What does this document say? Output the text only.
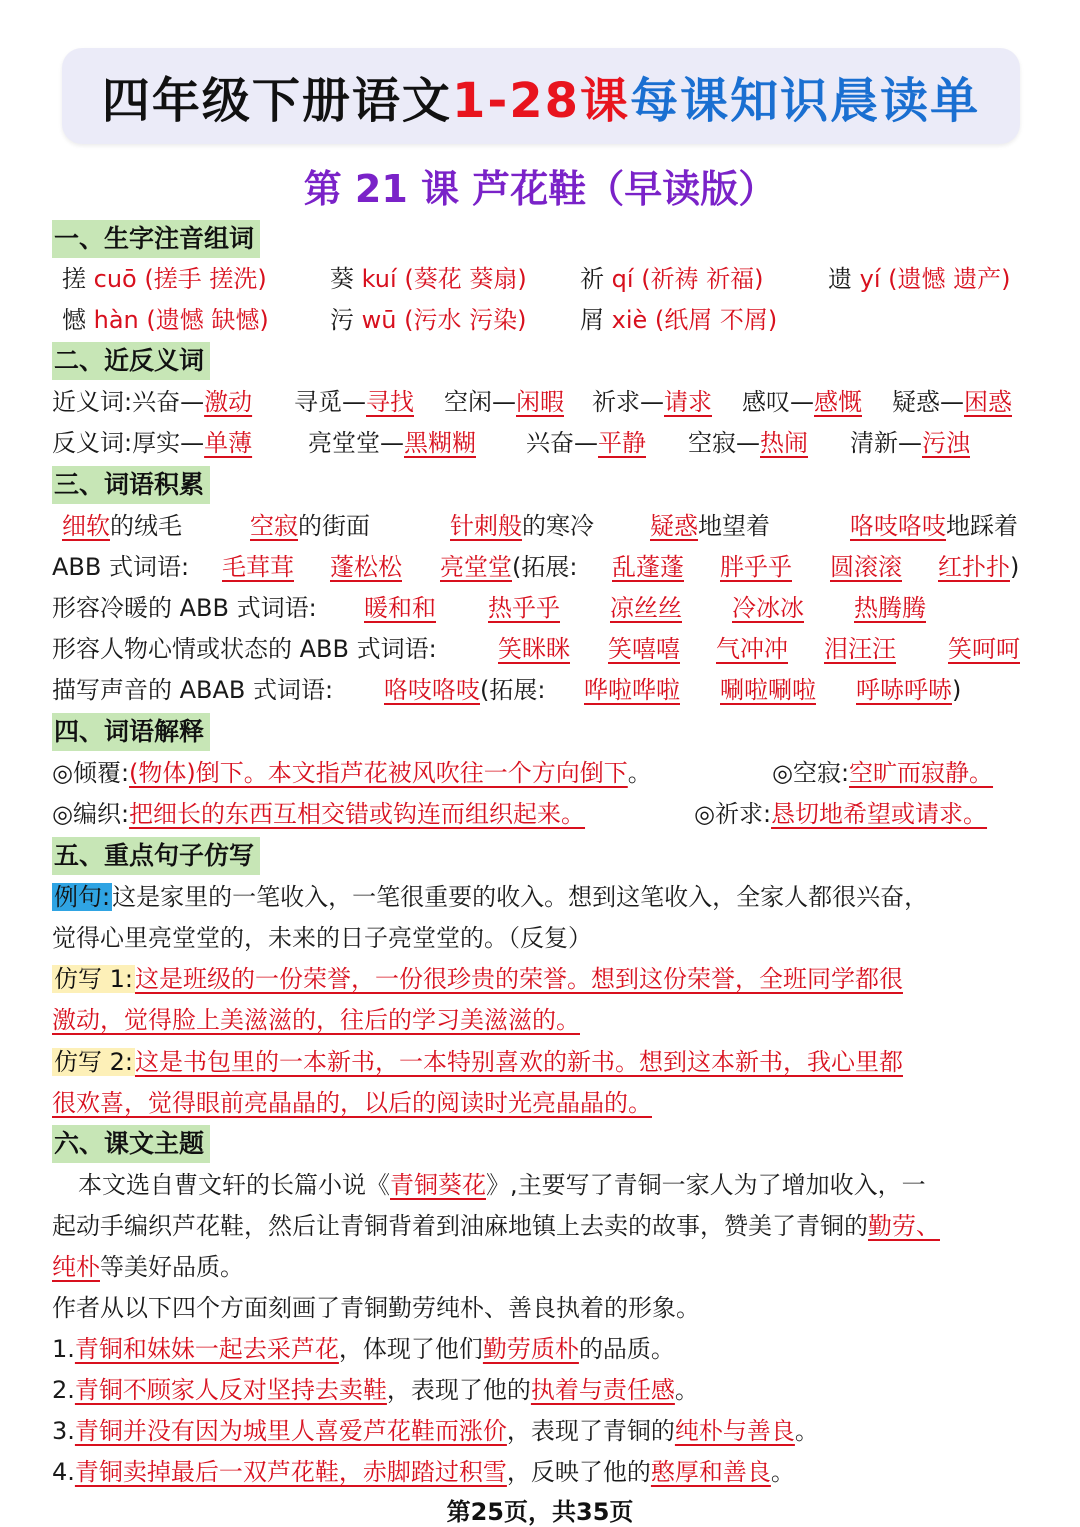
四年级下册语文 1-28课 每课知识晨读单
第 21 课 芦花鞋（早读版）
一、生字注音组词
搓 cuō (搓手 搓洗)	葵 kuí (葵花 葵扇) 祈 qí (祈祷 祈福)	遗 yí (遗憾 遗产)
憾 hàn (遗憾 缺憾)	污 wū (污水 污染) 屑 xiè (纸屑 不屑)
二、近反义词
近义词:兴奋—激动 寻觅—寻找 空闲—闲暇 祈求—请求 感叹—感慨 疑惑—困惑
反义词:厚实—单薄 亮堂堂—黑糊糊 兴奋—平静 空寂—热闹 清新—污浊
三、词语积累
细软的绒毛	空寂的街面	针刺般的寒冷 疑惑地望着	咯吱咯吱地踩着
ABB 式词语: 毛茸茸 蓬松松 亮堂堂(拓展: 乱蓬蓬 胖乎乎 圆滚滚 红扑扑)
形容冷暖的 ABB 式词语: 暖和和 热乎乎 凉丝丝 冷冰冰 热腾腾
形容人物心情或状态的 ABB 式词语:	笑眯眯 笑嘻嘻 气冲冲 泪汪汪 笑呵呵
描写声音的 ABAB 式词语: 咯吱咯吱(拓展: 哗啦哗啦 唰啦唰啦 呼哧呼哧)
四、词语解释
◎倾覆:(物体)倒下。本文指芦花被风吹往一个方向倒下。	◎空寂:空旷而寂静。
◎编织:把细长的东西互相交错或钩连而组织起来。	◎祈求:恳切地希望或请求。
五、重点句子仿写
例句:这是家里的一笔收入，一笔很重要的收入。想到这笔收入，全家人都很兴奋，
觉得心里亮堂堂的，未来的日子亮堂堂的。（反复）
仿写 1:这是班级的一份荣誉，一份很珍贵的荣誉。想到这份荣誉，全班同学都很
激动，觉得脸上美滋滋的，往后的学习美滋滋的。
仿写 2:这是书包里的一本新书，一本特别喜欢的新书。想到这本新书，我心里都
很欢喜，觉得眼前亮晶晶的，以后的阅读时光亮晶晶的。
六、课文主题
本文选自曹文轩的长篇小说《青铜葵花》,主要写了青铜一家人为了增加收入，一
起动手编织芦花鞋，然后让青铜背着到油麻地镇上去卖的故事，赞美了青铜的勤劳、
纯朴等美好品质。
作者从以下四个方面刻画了青铜勤劳纯朴、善良执着的形象。
1.青铜和妹妹一起去采芦花，体现了他们勤劳质朴的品质。
2.青铜不顾家人反对坚持去卖鞋，表现了他的执着与责任感。
3.青铜并没有因为城里人喜爱芦花鞋而涨价，表现了青铜的纯朴与善良。
4.青铜卖掉最后一双芦花鞋，赤脚踏过积雪，反映了他的憨厚和善良。
第25页，共35页
